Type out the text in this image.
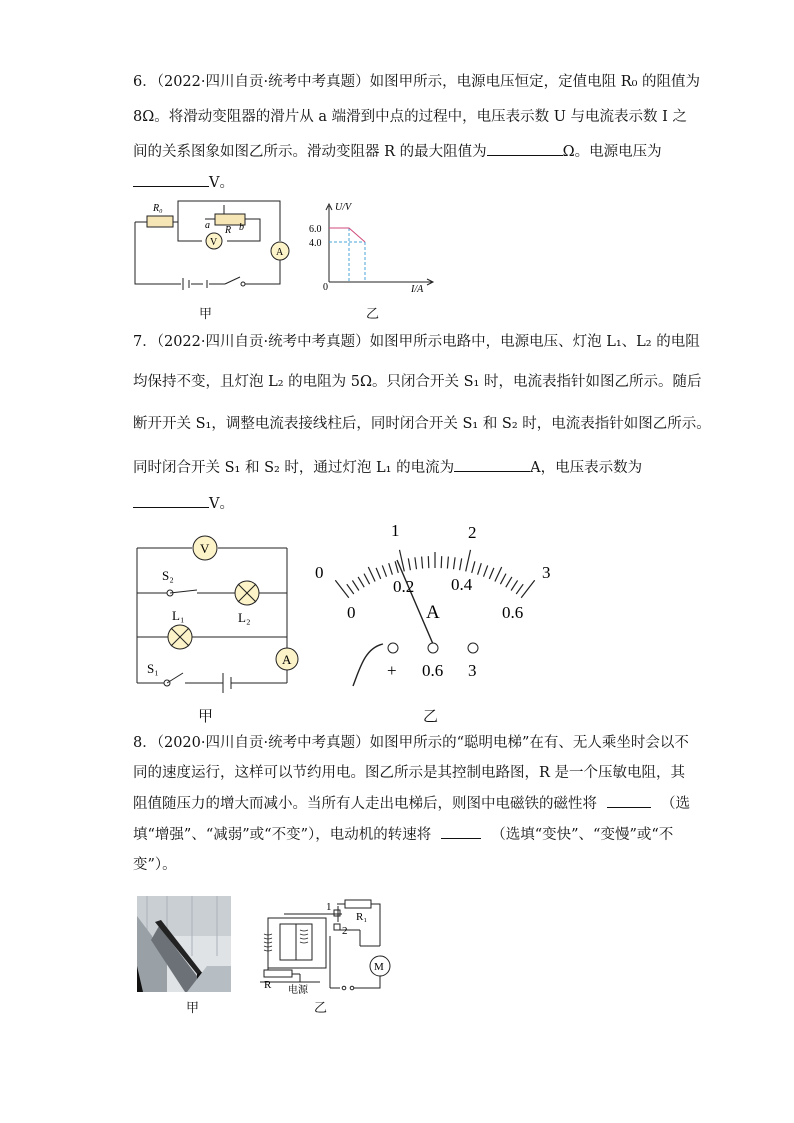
6．（2022·四川自贡·统考中考真题）如图甲所示，电源电压恒定，定值电阻 R₀ 的阻值为
8Ω。将滑动变阻器的滑片从 a 端滑到中点的过程中，电压表示数 U 与电流表示数 I 之
间的关系图象如图乙所示。滑动变阻器 R 的最大阻值为	Ω。电源电压为
V。
R₀
a R b
V
A
甲
U/V
6.0
4.0
0	I/A
乙
7．（2022·四川自贡·统考中考真题）如图甲所示电路中，电源电压、灯泡 L₁、L₂ 的电阻
均保持不变，且灯泡 L₂ 的电阻为 5Ω。只闭合开关 S₁ 时，电流表指针如图乙所示。随后
断开开关 S₁，调整电流表接线柱后，同时闭合开关 S₁ 和 S₂ 时，电流表指针如图乙所示。
同时闭合开关 S₁ 和 S₂ 时，通过灯泡 L₁ 的电流为	A，电压表示数为
V。
V
A
S₂
L₂
L₁
S₁
甲
0
1	2
3
0
0.2 0.4
0.6
A
+ 0.6 3
乙
8．（2020·四川自贡·统考中考真题）如图甲所示的“聪明电梯”在有、无人乘坐时会以不
同的速度运行，这样可以节约用电。图乙所示是其控制电路图，R 是一个压敏电阻，其
阻值随压力的增大而减小。当所有人走出电梯后，则图中电磁铁的磁性将	（选
填“增强”、“减弱”或“不变”），电动机的转速将	（选填“变快”、“变慢”或“不
变”）。
甲
1
2
R₁
M
R 电源
乙
